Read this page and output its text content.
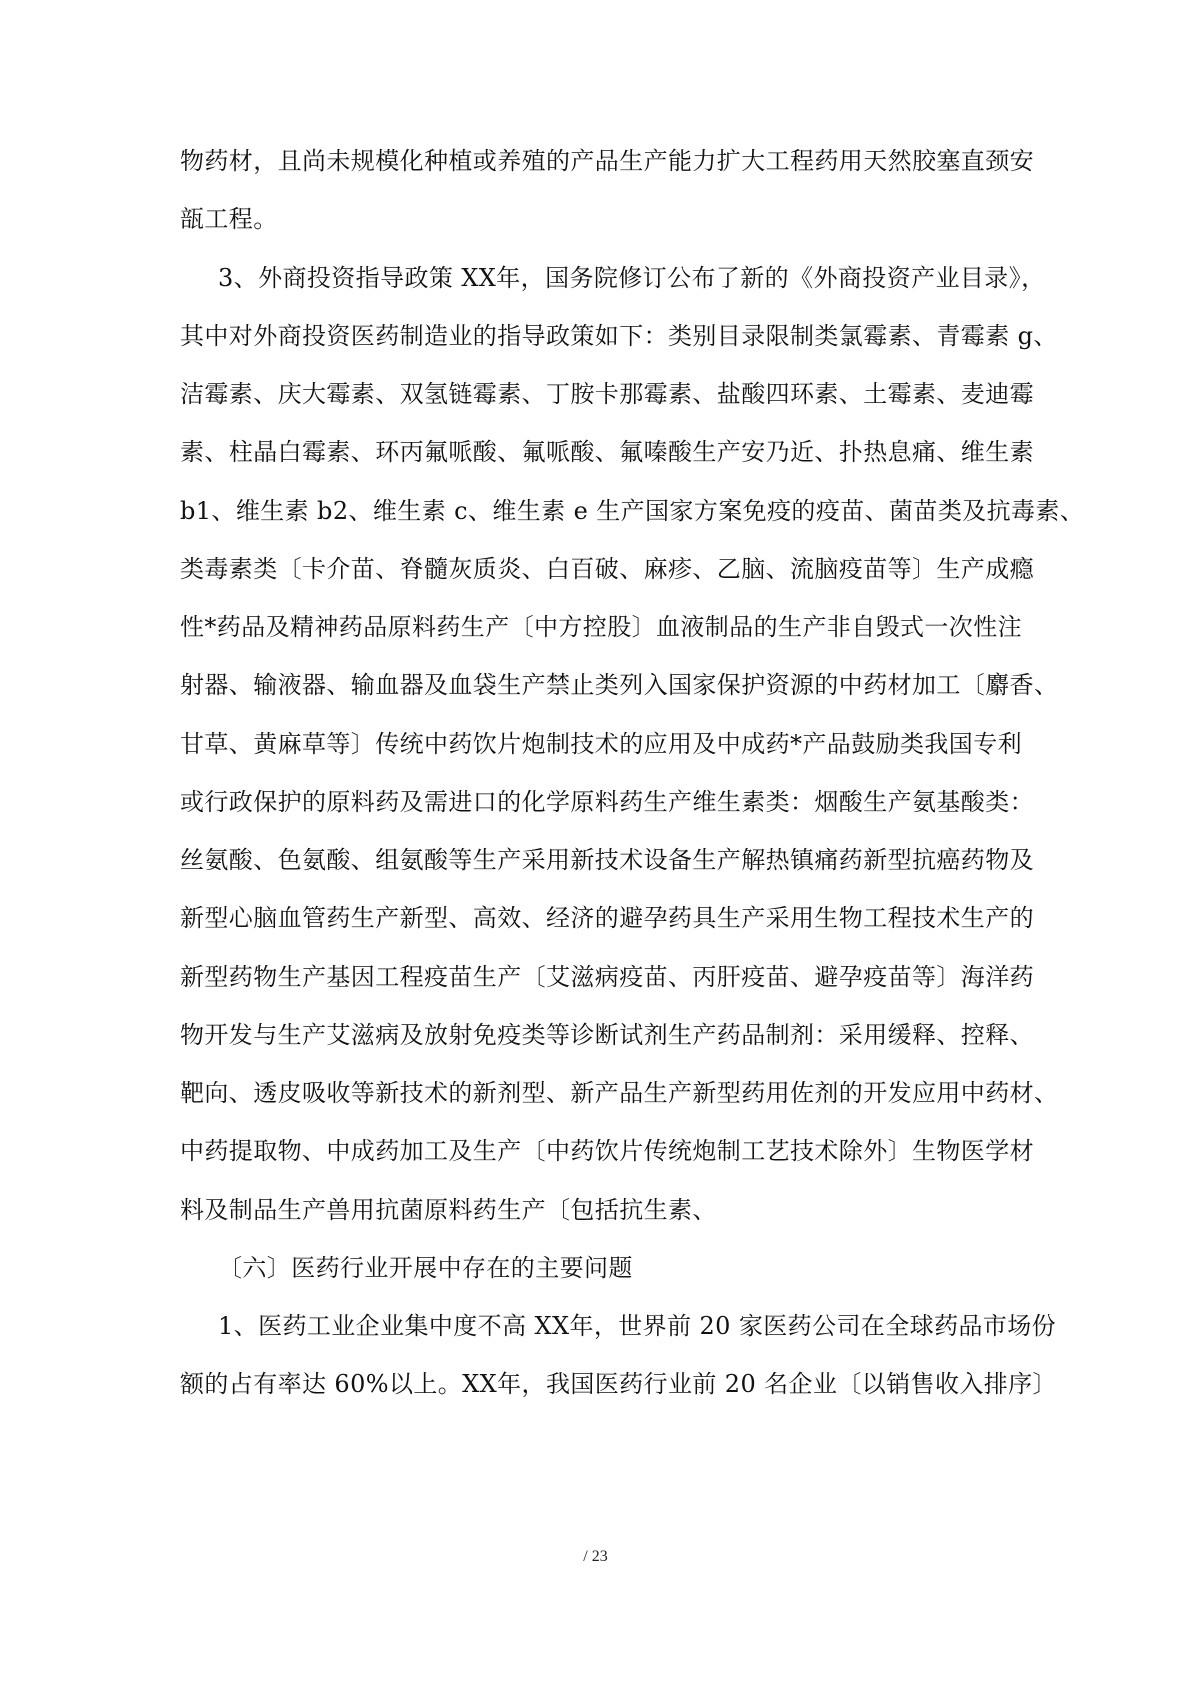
物药材，且尚未规模化种植或养殖的产品生产能力扩大工程药用天然胶塞直颈安
瓿工程。
3、外商投资指导政策 XX年，国务院修订公布了新的《外商投资产业目录》，
其中对外商投资医药制造业的指导政策如下：类别目录限制类氯霉素、青霉素 g、
洁霉素、庆大霉素、双氢链霉素、丁胺卡那霉素、盐酸四环素、土霉素、麦迪霉
素、柱晶白霉素、环丙氟哌酸、氟哌酸、氟嗪酸生产安乃近、扑热息痛、维生素
b1、维生素 b2、维生素 c、维生素 e 生产国家方案免疫的疫苗、菌苗类及抗毒素、
类毒素类〔卡介苗、脊髓灰质炎、白百破、麻疹、乙脑、流脑疫苗等〕生产成瘾
性*药品及精神药品原料药生产〔中方控股〕血液制品的生产非自毁式一次性注
射器、输液器、输血器及血袋生产禁止类列入国家保护资源的中药材加工〔麝香、
甘草、黄麻草等〕传统中药饮片炮制技术的应用及中成药*产品鼓励类我国专利
或行政保护的原料药及需进口的化学原料药生产维生素类：烟酸生产氨基酸类：
丝氨酸、色氨酸、组氨酸等生产采用新技术设备生产解热镇痛药新型抗癌药物及
新型心脑血管药生产新型、高效、经济的避孕药具生产采用生物工程技术生产的
新型药物生产基因工程疫苗生产〔艾滋病疫苗、丙肝疫苗、避孕疫苗等〕海洋药
物开发与生产艾滋病及放射免疫类等诊断试剂生产药品制剂：采用缓释、控释、
靶向、透皮吸收等新技术的新剂型、新产品生产新型药用佐剂的开发应用中药材、
中药提取物、中成药加工及生产〔中药饮片传统炮制工艺技术除外〕生物医学材
料及制品生产兽用抗菌原料药生产〔包括抗生素、
〔六〕医药行业开展中存在的主要问题
1、医药工业企业集中度不高 XX年，世界前 20 家医药公司在全球药品市场份
额的占有率达 60%以上。XX年，我国医药行业前 20 名企业〔以销售收入排序〕
/ 23
